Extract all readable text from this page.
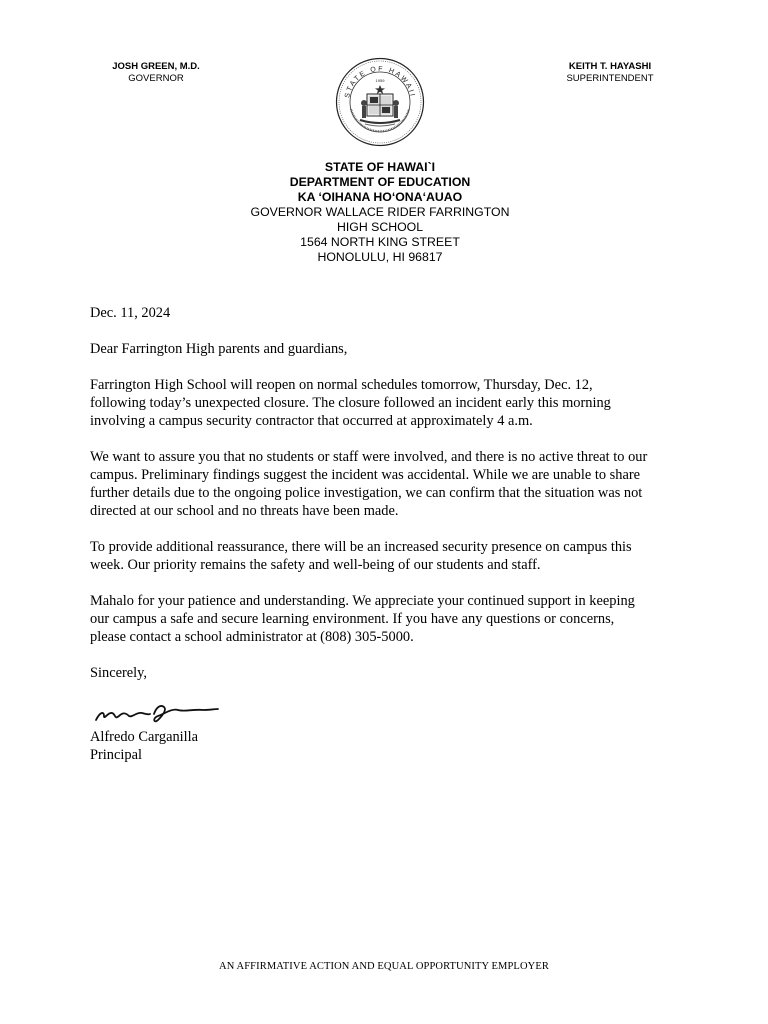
JOSH GREEN, M.D.
GOVERNOR
STATE OF HAWAII
1959
KEITH T. HAYASHI
SUPERINTENDENT
STATE OF HAWAI`I
DEPARTMENT OF EDUCATION
KA ‘OIHANA HO‘ONA‘AUAO
GOVERNOR WALLACE RIDER FARRINGTON
HIGH SCHOOL
1564 NORTH KING STREET
HONOLULU, HI 96817

Dec. 11, 2024

Dear Farrington High parents and guardians,

Farrington High School will reopen on normal schedules tomorrow, Thursday, Dec. 12,

following today’s unexpected closure. The closure followed an incident early this morning

involving a campus security contractor that occurred at approximately 4 a.m.

We want to assure you that no students or staff were involved, and there is no active threat to our

campus. Preliminary findings suggest the incident was accidental. While we are unable to share

further details due to the ongoing police investigation, we can confirm that the situation was not

directed at our school and no threats have been made.

To provide additional reassurance, there will be an increased security presence on campus this

week. Our priority remains the safety and well-being of our students and staff.

Mahalo for your patience and understanding. We appreciate your continued support in keeping

our campus a safe and secure learning environment. If you have any questions or concerns,

please contact a school administrator at (808) 305-5000.

Sincerely,

Alfredo Carganilla
Principal
AN AFFIRMATIVE ACTION AND EQUAL OPPORTUNITY EMPLOYER
